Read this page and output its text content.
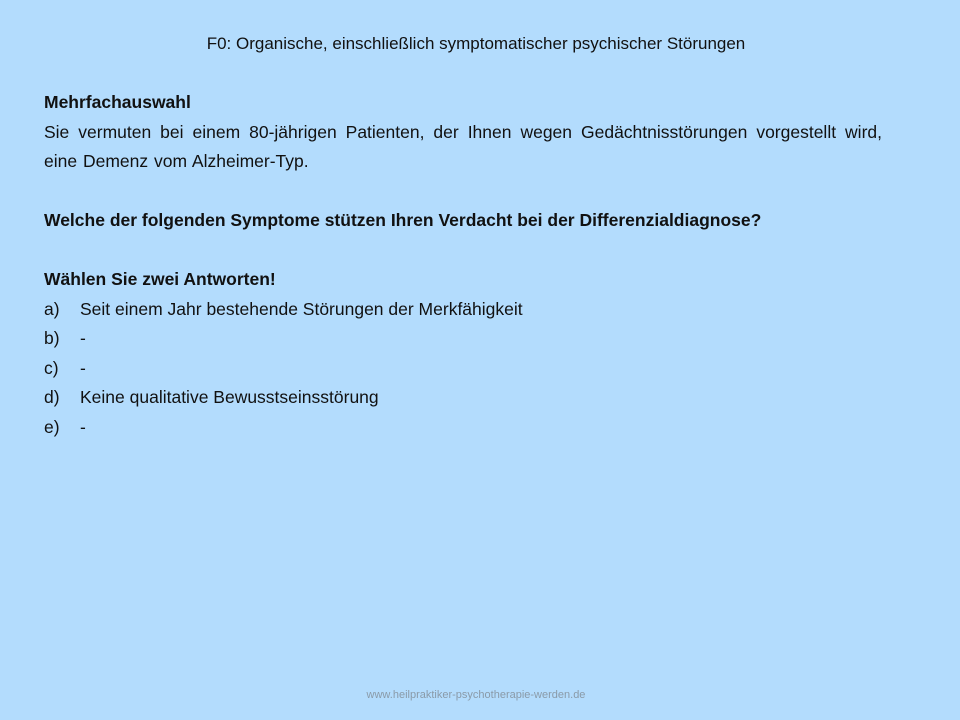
F0: Organische, einschließlich symptomatischer psychischer Störungen
Mehrfachauswahl
Sie vermuten bei einem 80-jährigen Patienten, der Ihnen wegen Gedächtnisstörungen vorgestellt wird, eine Demenz vom Alzheimer-Typ.
Welche der folgenden Symptome stützen Ihren Verdacht bei der Differenzialdiagnose?
Wählen Sie zwei Antworten!
a)	Seit einem Jahr bestehende Störungen der Merkfähigkeit
b)	-
c)	-
d)	Keine qualitative Bewusstseinsstörung
e)	-
www.heilpraktiker-psychotherapie-werden.de
